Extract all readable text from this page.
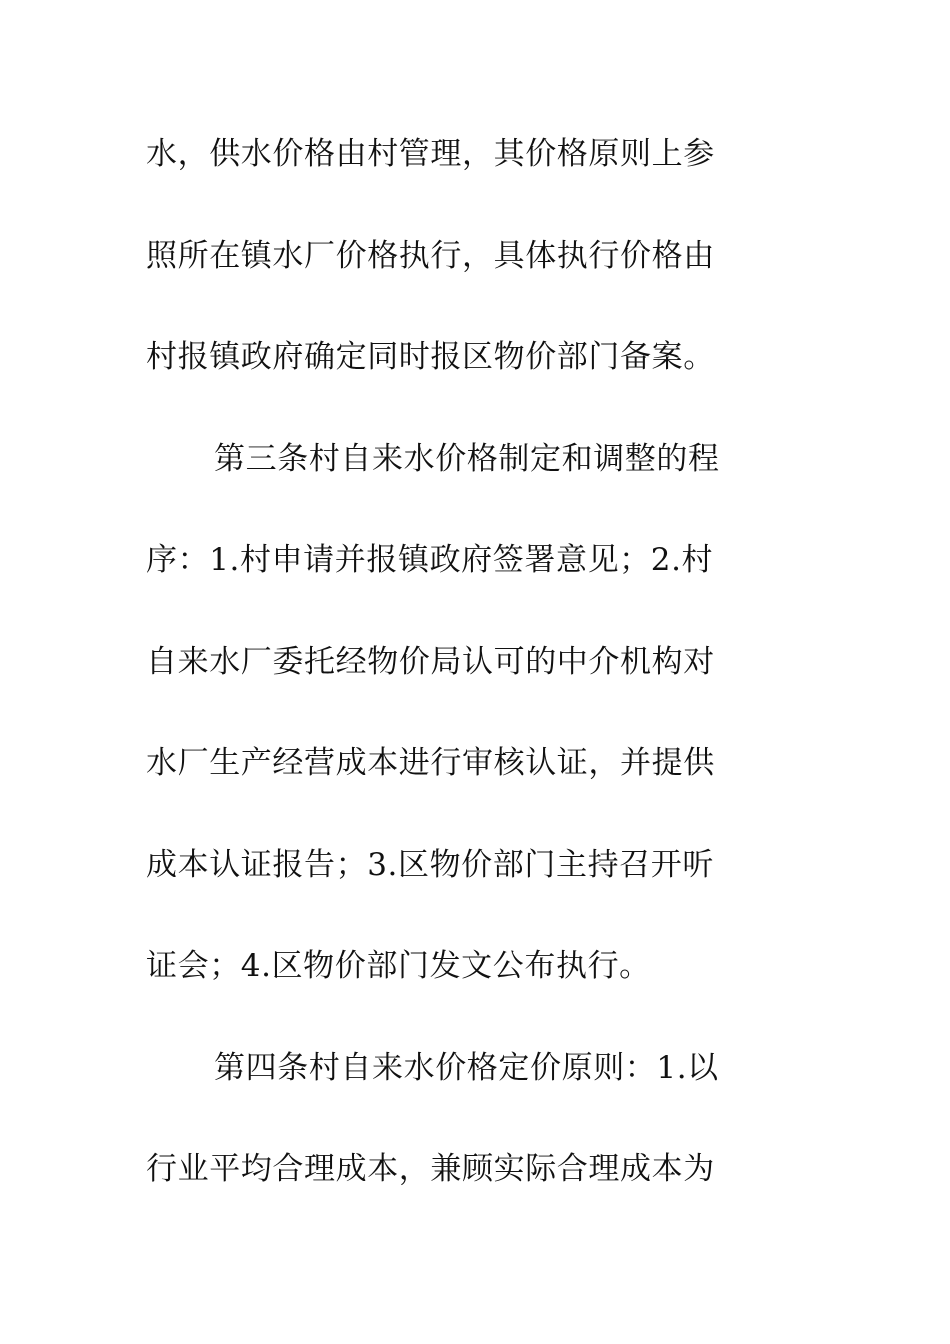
水，供水价格由村管理，其价格原则上参
照所在镇水厂价格执行，具体执行价格由
村报镇政府确定同时报区物价部门备案。
第三条村自来水价格制定和调整的程
序：1.村申请并报镇政府签署意见；2.村
自来水厂委托经物价局认可的中介机构对
水厂生产经营成本进行审核认证，并提供
成本认证报告；3.区物价部门主持召开听
证会；4.区物价部门发文公布执行。
第四条村自来水价格定价原则：1.以
行业平均合理成本，兼顾实际合理成本为
